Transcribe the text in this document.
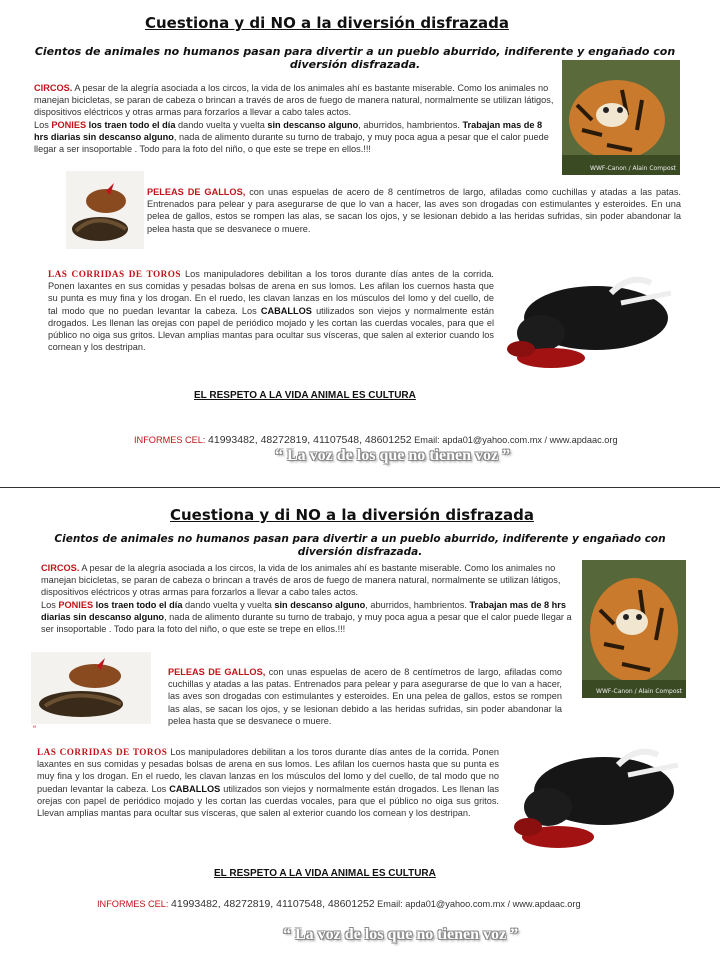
Cuestiona y di NO a la diversión disfrazada
Cientos de animales no humanos pasan para divertir a un pueblo aburrido, indiferente y engañado con diversión disfrazada.
CIRCOS. A pesar de la alegría asociada a los circos, la vida de los animales ahí es bastante miserable. Como los animales no manejan bicicletas, se paran de cabeza o brincan a través de aros de fuego de manera natural, normalmente se utilizan látigos, dispositivos eléctricos y otras armas para forzarlos a llevar a cabo tales actos.
Los PONIES los traen todo el día dando vuelta y vuelta sin descanso alguno, aburridos, hambrientos. Trabajan mas de 8 hrs diarias sin descanso alguno, nada de alimento durante su turno de trabajo, y muy poca agua a pesar que el calor puede llegar a ser insoportable . Todo para la foto del niño, o que este se trepe en ellos.!!!
WWF-Canon / Alain Compost
PELEAS DE GALLOS, con unas espuelas de acero de 8 centímetros de largo, afiladas como cuchillas y atadas a las patas. Entrenados para pelear y para asegurarse de que lo van a hacer, las aves son drogadas con estimulantes y esteroides. En una pelea de gallos, estos se rompen las alas, se sacan los ojos, y se lesionan debido a las heridas sufridas, sin poder abandonar la pelea hasta que se desvanece o muere.
LAS CORRIDAS DE TOROS Los manipuladores debilitan a los toros durante días antes de la corrida. Ponen laxantes en sus comidas y pesadas bolsas de arena en sus lomos. Les afilan los cuernos hasta que su punta es muy fina y los drogan. En el ruedo, les clavan lanzas en los músculos del lomo y del cuello, de tal modo que no puedan levantar la cabeza. Los CABALLOS utilizados son viejos y normalmente están drogados. Les llenan las orejas con papel de periódico mojado y les cortan las cuerdas vocales, para que el público no oiga sus gritos. Llevan amplias mantas para ocultar sus vísceras, que salen al exterior cuando los cornean y los destripan.
EL RESPETO A LA VIDA ANIMAL ES CULTURA
INFORMES CEL: 41993482, 48272819, 41107548, 48601252 Email: apda01@yahoo.com.mx / www.apdaac.org
“ La voz de los que no tienen voz ”
Cuestiona y di NO a la diversión disfrazada
Cientos de animales no humanos pasan para divertir a un pueblo aburrido, indiferente y engañado con diversión disfrazada.
CIRCOS. A pesar de la alegría asociada a los circos, la vida de los animales ahí es bastante miserable. Como los animales no manejan bicicletas, se paran de cabeza o brincan a través de aros de fuego de manera natural, normalmente se utilizan látigos, dispositivos eléctricos y otras armas para forzarlos a llevar a cabo tales actos.
Los PONIES los traen todo el día dando vuelta y vuelta sin descanso alguno, aburridos, hambrientos. Trabajan mas de 8 hrs diarias sin descanso alguno, nada de alimento durante su turno de trabajo, y muy poca agua a pesar que el calor puede llegar a ser insoportable . Todo para la foto del niño, o que este se trepe en ellos.!!!
WWF-Canon / Alain Compost
“
PELEAS DE GALLOS, con unas espuelas de acero de 8 centímetros de largo, afiladas como cuchillas y atadas a las patas. Entrenados para pelear y para asegurarse de que lo van a hacer, las aves son drogadas con estimulantes y esteroides. En una pelea de gallos, estos se rompen las alas, se sacan los ojos, y se lesionan debido a las heridas sufridas, sin poder abandonar la pelea hasta que se desvanece o muere.
LAS CORRIDAS DE TOROS Los manipuladores debilitan a los toros durante días antes de la corrida. Ponen laxantes en sus comidas y pesadas bolsas de arena en sus lomos. Les afilan los cuernos hasta que su punta es muy fina y los drogan. En el ruedo, les clavan lanzas en los músculos del lomo y del cuello, de tal modo que no puedan levantar la cabeza. Los CABALLOS utilizados son viejos y normalmente están drogados. Les llenan las orejas con papel de periódico mojado y les cortan las cuerdas vocales, para que el público no oiga sus gritos. Llevan amplias mantas para ocultar sus vísceras, que salen al exterior cuando los cornean y los destripan.
EL RESPETO A LA VIDA ANIMAL ES CULTURA
INFORMES CEL: 41993482, 48272819, 41107548, 48601252 Email: apda01@yahoo.com.mx / www.apdaac.org
“ La voz de los que no tienen voz ”
